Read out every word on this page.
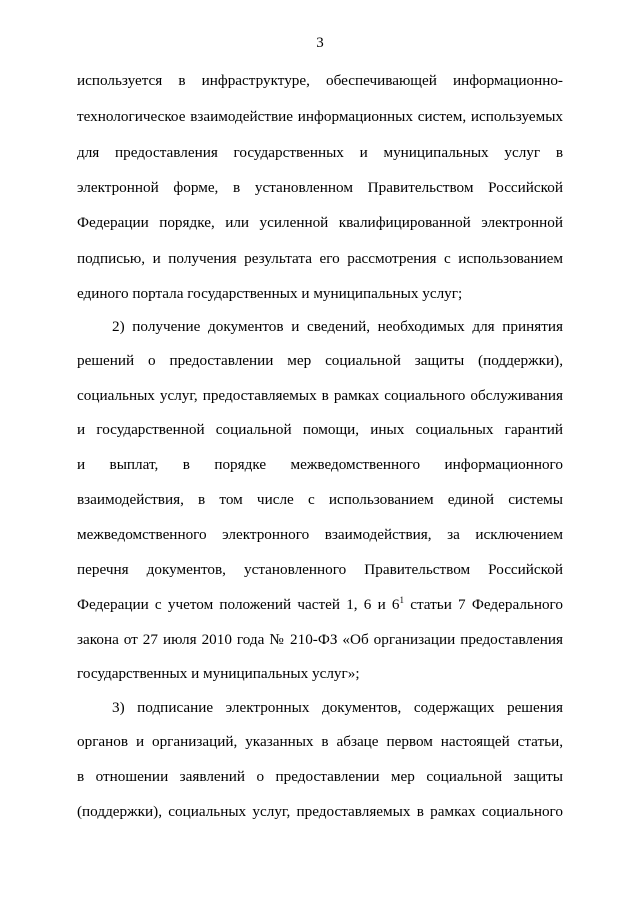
3
используется в инфраструктуре, обеспечивающей информационно-
технологическое взаимодействие информационных систем, используемых
для предоставления государственных и муниципальных услуг в
электронной форме, в установленном Правительством Российской
Федерации порядке, или усиленной квалифицированной электронной
подписью, и получения результата его рассмотрения с использованием
единого портала государственных и муниципальных услуг;
2) получение документов и сведений, необходимых для принятия
решений о предоставлении мер социальной защиты (поддержки),
социальных услуг, предоставляемых в рамках социального обслуживания
и государственной социальной помощи, иных социальных гарантий
и выплат, в порядке межведомственного информационного
взаимодействия, в том числе с использованием единой системы
межведомственного электронного взаимодействия, за исключением
перечня документов, установленного Правительством Российской
Федерации с учетом положений частей 1, 6 и $6^1$ статьи 7 Федерального
закона от 27 июля 2010 года № 210-ФЗ «Об организации предоставления
государственных и муниципальных услуг»;
3) подписание электронных документов, содержащих решения
органов и организаций, указанных в абзаце первом настоящей статьи,
в отношении заявлений о предоставлении мер социальной защиты
(поддержки), социальных услуг, предоставляемых в рамках социального
